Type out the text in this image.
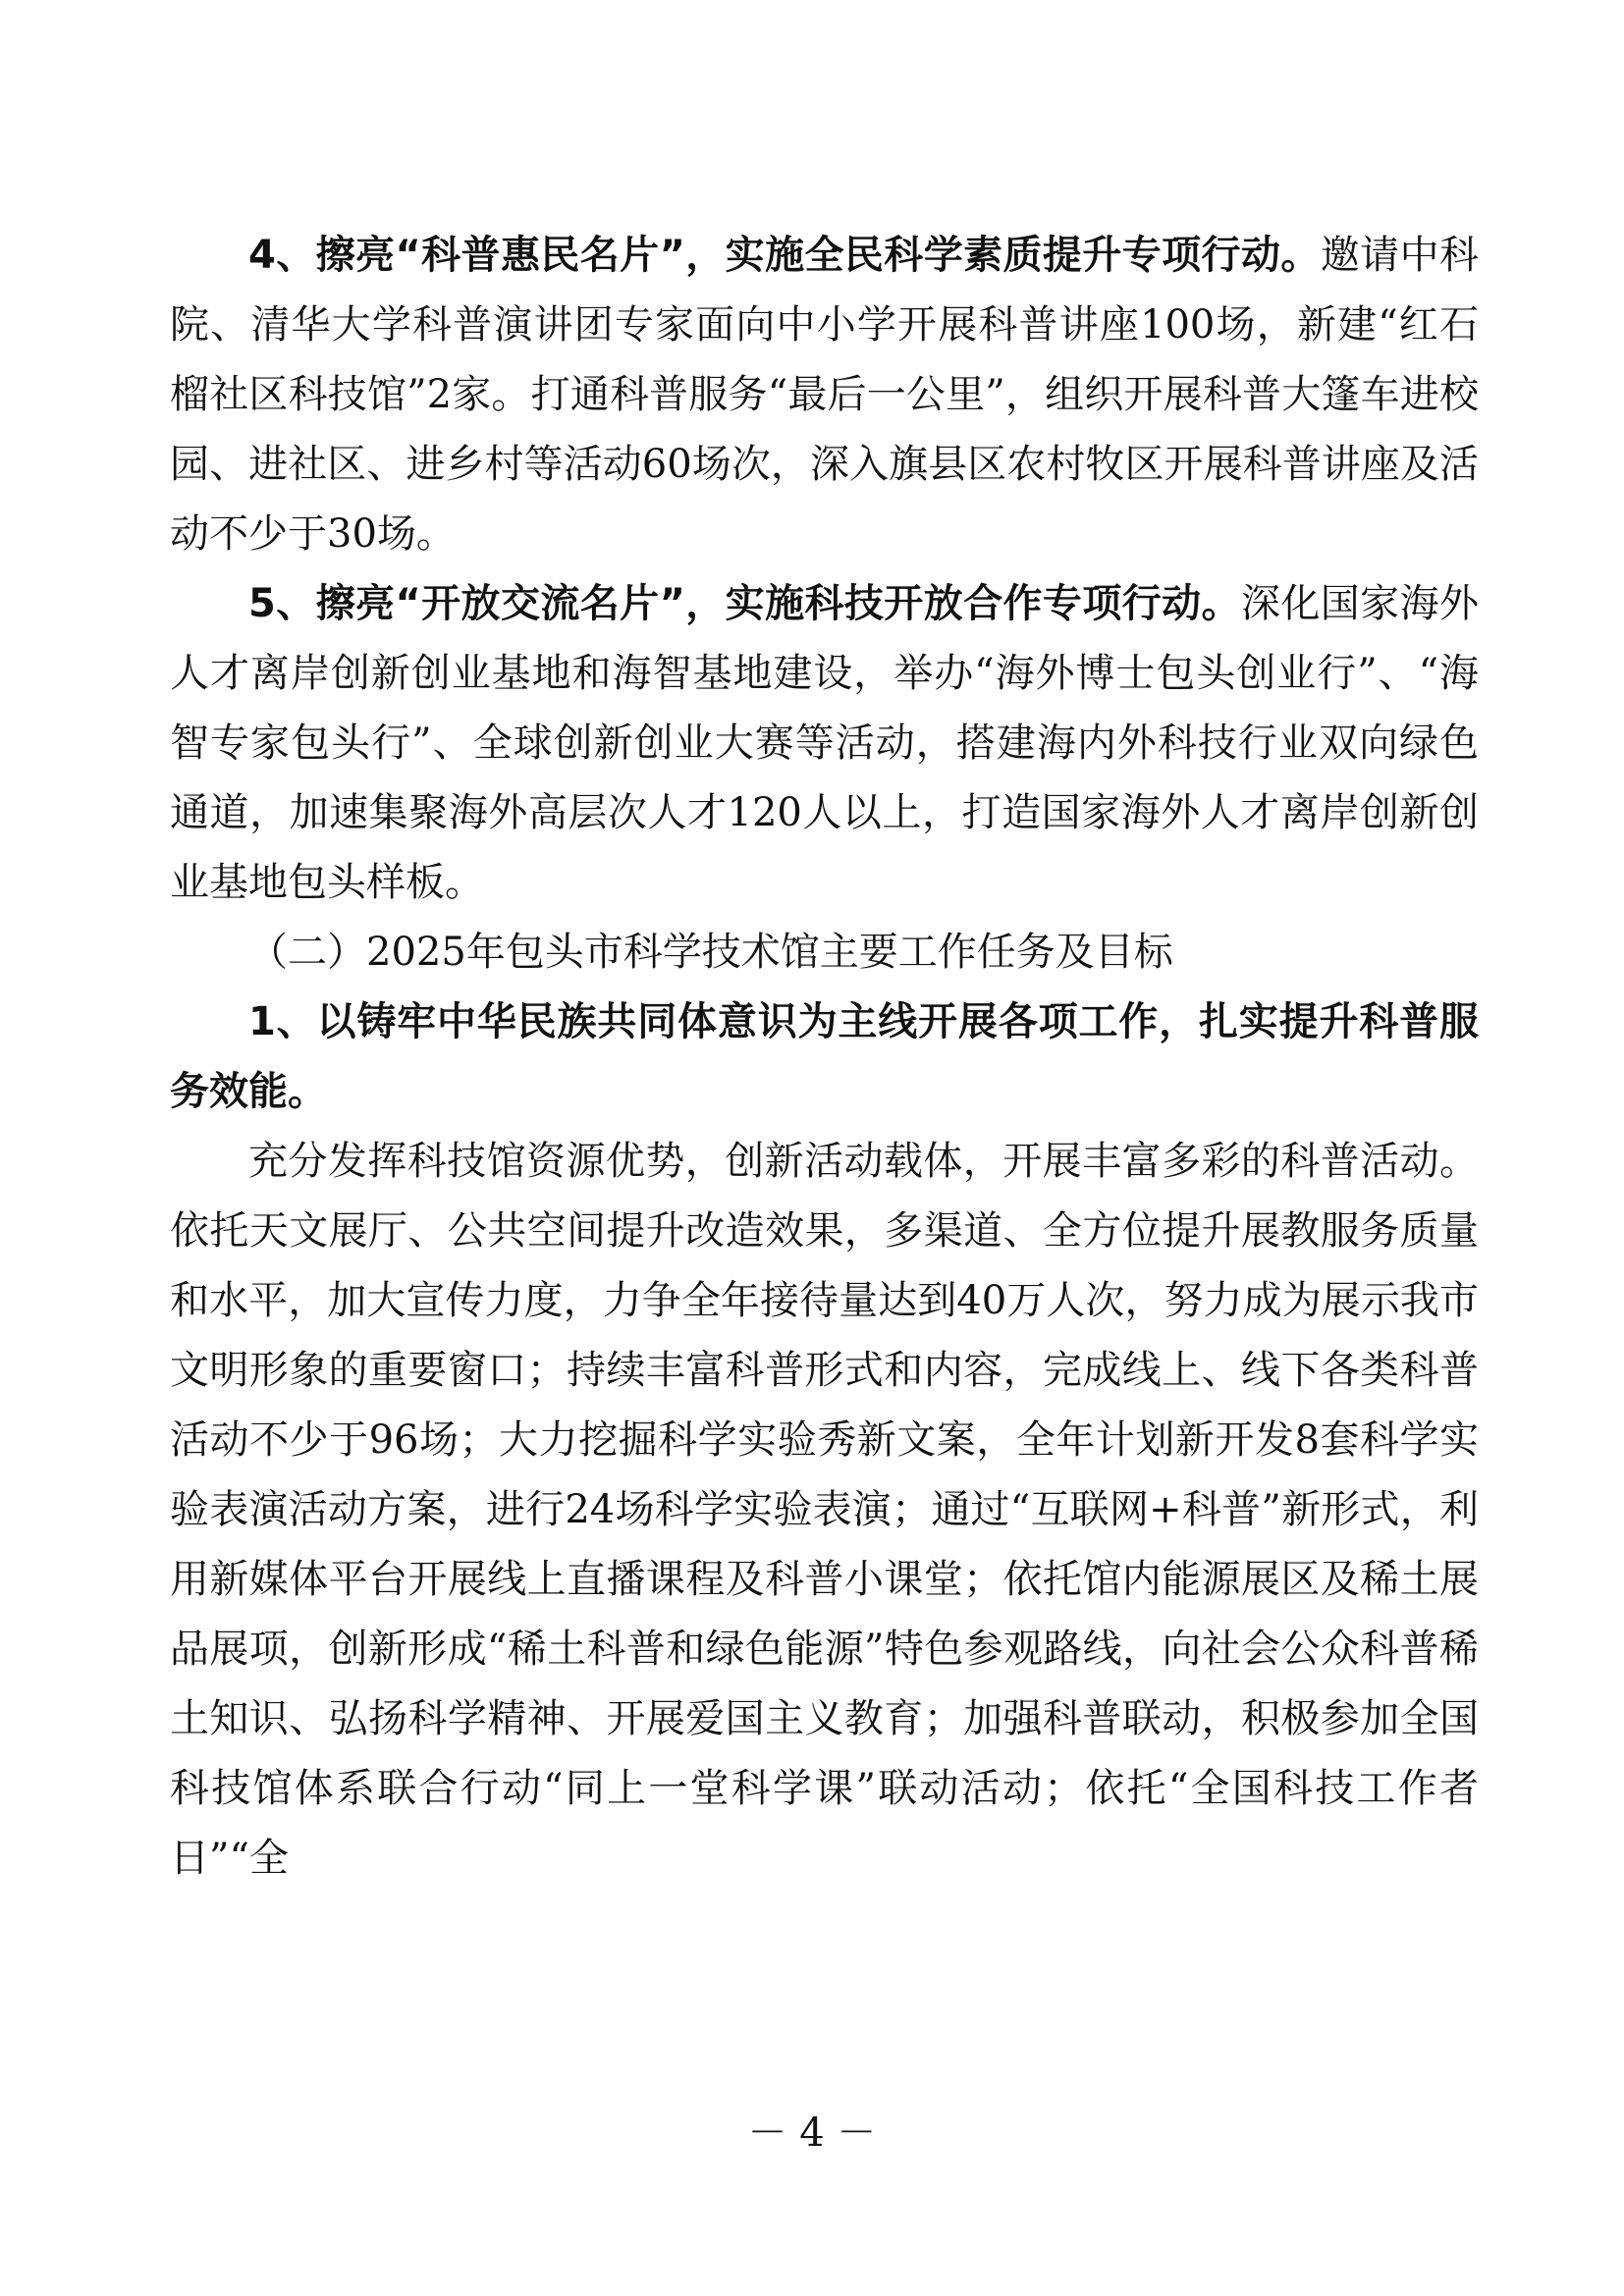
4、擦亮“科普惠民名片”，实施全民科学素质提升专项行动。邀请中科院、清华大学科普演讲团专家面向中小学开展科普讲座100场，新建“红石榴社区科技馆”2家。打通科普服务“最后一公里”，组织开展科普大篷车进校园、进社区、进乡村等活动60场次，深入旗县区农村牧区开展科普讲座及活动不少于30场。

5、擦亮“开放交流名片”，实施科技开放合作专项行动。深化国家海外人才离岸创新创业基地和海智基地建设，举办“海外博士包头创业行”、“海智专家包头行”、全球创新创业大赛等活动，搭建海内外科技行业双向绿色通道，加速集聚海外高层次人才120人以上，打造国家海外人才离岸创新创业基地包头样板。

（二）2025年包头市科学技术馆主要工作任务及目标

1、以铸牢中华民族共同体意识为主线开展各项工作，扎实提升科普服务效能。

充分发挥科技馆资源优势，创新活动载体，开展丰富多彩的科普活动。依托天文展厅、公共空间提升改造效果，多渠道、全方位提升展教服务质量和水平，加大宣传力度，力争全年接待量达到40万人次，努力成为展示我市文明形象的重要窗口；持续丰富科普形式和内容，完成线上、线下各类科普活动不少于96场；大力挖掘科学实验秀新文案，全年计划新开发8套科学实验表演活动方案，进行24场科学实验表演；通过“互联网+科普”新形式，利用新媒体平台开展线上直播课程及科普小课堂；依托馆内能源展区及稀土展品展项，创新形成“稀土科普和绿色能源”特色参观路线，向社会公众科普稀土知识、弘扬科学精神、开展爱国主义教育；加强科普联动，积极参加全国科技馆体系联合行动“同上一堂科学课”联动活动；依托“全国科技工作者日”“全

－ 4 －
